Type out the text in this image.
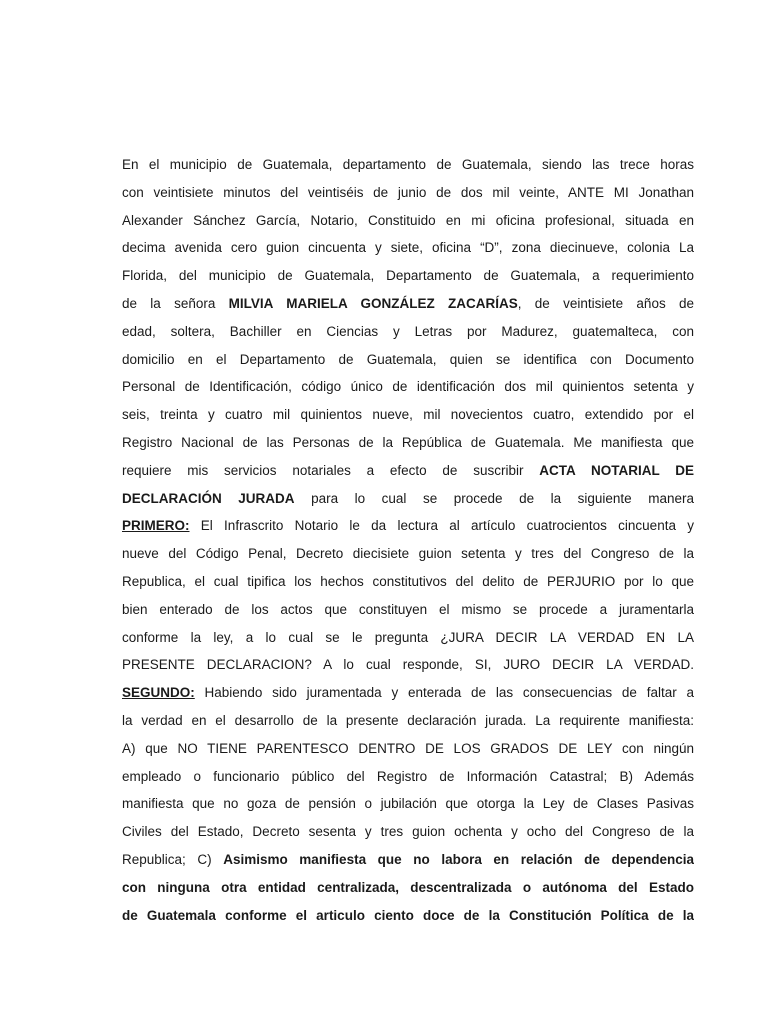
En el municipio de Guatemala, departamento de Guatemala, siendo las trece horas
con veintisiete minutos del veintiséis de junio de dos mil veinte, ANTE MI Jonathan
Alexander Sánchez García, Notario, Constituido en mi oficina profesional, situada en
decima avenida cero guion cincuenta y siete, oficina “D”, zona diecinueve, colonia La
Florida, del municipio de Guatemala, Departamento de Guatemala, a requerimiento
de la señora MILVIA MARIELA GONZÁLEZ ZACARÍAS, de veintisiete años de
edad, soltera, Bachiller en Ciencias y Letras por Madurez, guatemalteca, con
domicilio en el Departamento de Guatemala, quien se identifica con Documento
Personal de Identificación, código único de identificación dos mil quinientos setenta y
seis, treinta y cuatro mil quinientos nueve, mil novecientos cuatro, extendido por el
Registro Nacional de las Personas de la República de Guatemala. Me manifiesta que
requiere mis servicios notariales a efecto de suscribir ACTA NOTARIAL DE
DECLARACIÓN JURADA para lo cual se procede de la siguiente manera
PRIMERO: El Infrascrito Notario le da lectura al artículo cuatrocientos cincuenta y
nueve del Código Penal, Decreto diecisiete guion setenta y tres del Congreso de la
Republica, el cual tipifica los hechos constitutivos del delito de PERJURIO por lo que
bien enterado de los actos que constituyen el mismo se procede a juramentarla
conforme la ley, a lo cual se le pregunta ¿JURA DECIR LA VERDAD EN LA
PRESENTE DECLARACION? A lo cual responde, SI, JURO DECIR LA VERDAD.
SEGUNDO: Habiendo sido juramentada y enterada de las consecuencias de faltar a
la verdad en el desarrollo de la presente declaración jurada. La requirente manifiesta:
A) que NO TIENE PARENTESCO DENTRO DE LOS GRADOS DE LEY con ningún
empleado o funcionario público del Registro de Información Catastral; B) Además
manifiesta que no goza de pensión o jubilación que otorga la Ley de Clases Pasivas
Civiles del Estado, Decreto sesenta y tres guion ochenta y ocho del Congreso de la
Republica; C) Asimismo manifiesta que no labora en relación de dependencia
con ninguna otra entidad centralizada, descentralizada o autónoma del Estado
de Guatemala conforme el articulo ciento doce de la Constitución Política de la
